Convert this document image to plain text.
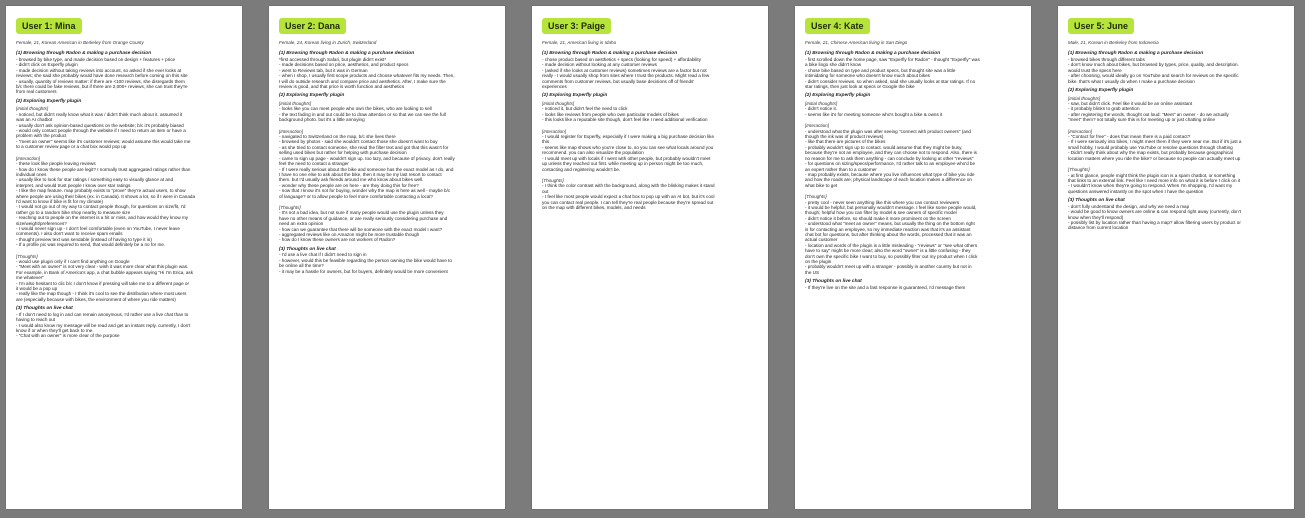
User 1: Mina
Female, 21, Korean American in Berkeley from Orange County
(1) Browsing through Radon & making a purchase decision
- browsed by bike type, and made decision based on design + features + price
- didn't click on Experfly plugin
- made decision without taking reviews into account, so asked if she ever looks at
reviews; she said she probably would have done research before coming on this site
- usually, quantity of reviews matter: if there are <100 reviews, she disregards them
b/c there could be fake reviews, but if there are 2,000+ reviews, she can trust they're
from real customers
(2) Exploring Experfly plugin
[Initial thoughts]
- noticed, but didn't really know what it was / didn't think much about it. assumed it
was an AI chatbot
- usually don't ask opinion-based questions on the website; b/c it's probably biased
- would only contact people through the website if I need to return an item or have a
problem with the product
- "meet an owner" seems like it's customer reviews; would assume this would take me
to a customer review page or a chat box would pop up
[Interaction]
- these look like people leaving reviews
- how do I know these people are legit? I normally trust aggregated ratings rather than
individual ones
- usually like to look for star ratings / something easy to visually glance at and
interpret, and would trust people I know over star ratings
- I like the map feature. map probably exists to "prove" they're actual users, to show
where people are using their bikes (ex. in Canada). It shows a lot, so if I were in Canada
I'd want to know if bike is fit for my climate)
- I would not go out of my way to contact people though, for questions on size/fit, I'd
rather go to a random bike shop nearby to measure size
- reaching out to people on the internet is a hit or miss, and how would they know my
size/weight/preferences?
- I would never sign up - I don't feel comfortable (even on YouTube, I never leave
comments). I also don't want to receive spam emails
- thought preview text was sendable (instead of having to type it in)
- If a profile pic was required to send, that would definitely be a no for me.
[Thoughts]
- would use plugin only if I can't find anything on Google
- "Meet with an owner" is not very clear - wish it was more clear what this plugin was.
For example, in Bank of America's app, a chat bubble appears saying "Hi I'm Erica, ask
me whatever"
- I'm also hesitant to clic b/c I don't know if pressing will take me to a different page or
it would be a pop up
- really like the map though - I think it's cool to see the distribution where most users
are (especially because with bikes, the environment of where you ride matters)
(3) Thoughts on live chat
- If I don't need to log in and can remain anonymous, I'd rather use a live chat than to
having to reach out
- I would also know my message will be read and get an instant reply. currently, I don't
know if or when they'll get back to me.
- "Chat with an owner" is more clear of the purpose
User 2: Dana
Female, 24, Korean living in Zurich, Switzerland
(1) Browsing through Radon & making a purchase decision
*first accessed through Safari, but plugin didn't exist*
- made decisions based on price, aesthetics, and product specs
- went to Reviews tab, but it was in German
- when I shop, I usually first scope products and choose whatever fits my needs. Then,
I will do outside research and compare price and aesthetics. After, I make sure the
review is good, and that price is worth function and aesthetics
(2) Exploring Experfly plugin
[Initial thoughts]
- looks like you can meet people who own the bikes, who are looking to sell
- the text fading in and out could be to draw attention or so that we can see the full
background photo. but it's a little annoying
[Interaction]
- navigated to Switzerland on the map, b/c she lives there
- browsed by photos - said she wouldn't contact those she doesn't want to buy
- as she tried to contact someone, she read the filter text and got that this wasn't for
selling used bikes but rather for helping with purchase decision
- came to sign up page - wouldn't sign up. too lazy, and because of privacy. don't really
feel the need to contact a stranger
- If I were really serious about the bike and someone has the exact model as I do, and
I have no one else to ask about the bike, then it may be my last resort to contact
them. but I'd usually ask friends around me who know about bikes well.
- wonder why these people are on here - are they doing this for free?
- now that I know it's not for buying, wonder why the map is here as well - maybe b/c
of language? or to allow people to feel more comfortable contacting a local?
[Thoughts]
- It's not a bad idea, but not sure if many people would use the plugin unless they
have no other means of guidance, or are really seriously considering purchase and
need an extra opinion
- how can we guarantee that there will be someone with the exact model I want?
- aggregated reviews like on Amazon might be more trustable though
- how do I know these owners are not workers of Radon?
(3) Thoughts on live chat
- I'd use a live chat if I didn't need to sign in
- however, would this be feasible regarding the person owning the bike would have to
be online all the time?
- it may be a hassle for owners, but for buyers, definitely would be more convenient
User 3: Paige
Female, 21, American living in Idaho
(1) Browsing through Radon & making a purchase decision
- chose product based on aesthetics + specs (looking for speed) + affordability
- made decision without looking at any customer reviews
- (asked if she looks at customer reviews) sometimes reviews are a factor but not
really - I would usually shop from sites where I trust the products. Might read a few
comments from customer reviews, but usually base decisions off of friends'
experiences
(2) Exploring Experfly plugin
[Initial thoughts]
- noticed it, but didn't feel the need to click
- looks like reviews from people who own particular models of bikes
- this looks like a reputable site though, don't feel like I need additional verification
[Interaction]
- I would register for Experfly, especially if I were making a big purchase decision like
this
- seems like map shows who you're close to, so you can see what locals around you
recommend. you can also visualize the population
- I would meet up with locals if I went with other people, but probably wouldn't meet
up unless they reached out first. while meeting up in person might be too much,
contacting and registering wouldn't be.
[Thoughts]
- I think the color contrast with the background, along with the blinking makes it stand
out
- I feel like most people would expect a chat box to pop up with an AI bot, but it's cool
you can contact real people. I can tell they're real people because they're spread out
on the map with different bikes, models, and needs
User 4: Kate
Female, 21, Chinese American living in San Diego
(1) Browsing through Radon & making a purchase decision
- first scrolled down the home page, saw "Experfly for Radon" - thought "Experfly" was
a bike lingo she didn't know
- chose bike based on type and product specs, but thought site was a little
intimidating for someone who doesn't know much about bikes
- didn't consider reviews. so when asked, said she usually looks at star ratings. If no
star ratings, then just look at specs or Google the bike
(2) Exploring Experfly plugin
[Initial thoughts]
- didn't notice it.
- seems like it's for meeting someone who's bought a bike & owns it
[Interaction]
- understood what the plugin was after seeing "connect with product owners" (and
though the ink was of product reviews)
- like that there are pictures of the bikes
- probably wouldn't sign up to contact. would assume that they might be busy,
because they're not an employee, and they can choose not to respond. Also, there is
no reason for me to ask them anything - can conclude by looking at other "reviews"
- for questions on sizing/specs/performance, I'd rather talk to an employee who'd be
an expert rather than to a customer
- map probably exists, because where you live influences what type of bike you ride
and how the roads are; physical landscape of each location makes a difference on
what bike to get
[Thoughts]
- pretty cool - never seen anything like this where you can contact reviewers
- it would be helpful, but personally wouldn't message. I feel like some people would,
though; helpful how you can filter by model & see owners of specific model
- didn't notice it before, so should make it more prominent on the screen
- understood what "meet an owner" means, but usually the thing on the bottom right
is for contacting an employee, so my immediate reaction was that it's an assistant
chat bot for questions, but after thinking about the words, processed that it was an
actual customer
- location and words of the plugin is a little misleading - "reviews" or "see what others
have to say" might be more clear; also the word "owner" is a little confusing - they
don't own the specific bike I want to buy, so possibly filter out my product when I click
on the plugin
- probably wouldn't meet up with a stranger - possibly in another country but not in
the US
(3) Thoughts on live chat
- If they're live on the site and a fast response is guaranteed, I'd message them
User 5: June
Male, 21, Korean in Berkeley from Indonesia
(1) Browsing through Radon & making a purchase decision
- browsed bikes through different tabs
- don't know much about bikes, but browsed by types, price, quality, and description.
would trust the specs here
- after choosing, would ideally go on YouTube and search for reviews on the specific
bike. that's what I usually do when I make a purchase decision
(2) Exploring Experfly plugin
[Initial thoughts]
- saw, but didn't click. Feel like it would be an online assistant
- it probably blinks to grab attention
- after registering the words, thought out loud: "Meet" an owner - do we actually
"meet" them? not totally sure this is for meeting up or just chatting online
[Interaction]
- "Contact for free" - does that mean there is a paid contact?
- If I were seriously into bikes, I might meet them if they were near me. But if it's just a
small hobby, I would probably use YouTube or resolve questions through chatting
- Didn't really think about why the map exists, but probably because geographical
location matters where you ride the bike? or because so people can actually meet up
[Thoughts]
- at first glance, people might think the plugin icon is a spam chatbot, or something
that links to an external link. Feel like I need more info on what it is before I click on it
- I wouldn't know when they're going to respond. When I'm shopping, I'd want my
questions answered instantly on the spot when I have the question
(3) Thoughts on live chat
- don't fully understand the design, and why we need a map
- would be good to know owners are online & can respond right away (currently, don't
know when they'll respond)
- possibly list by location rather than having a map? allow filtering users by product or
distance from current location
